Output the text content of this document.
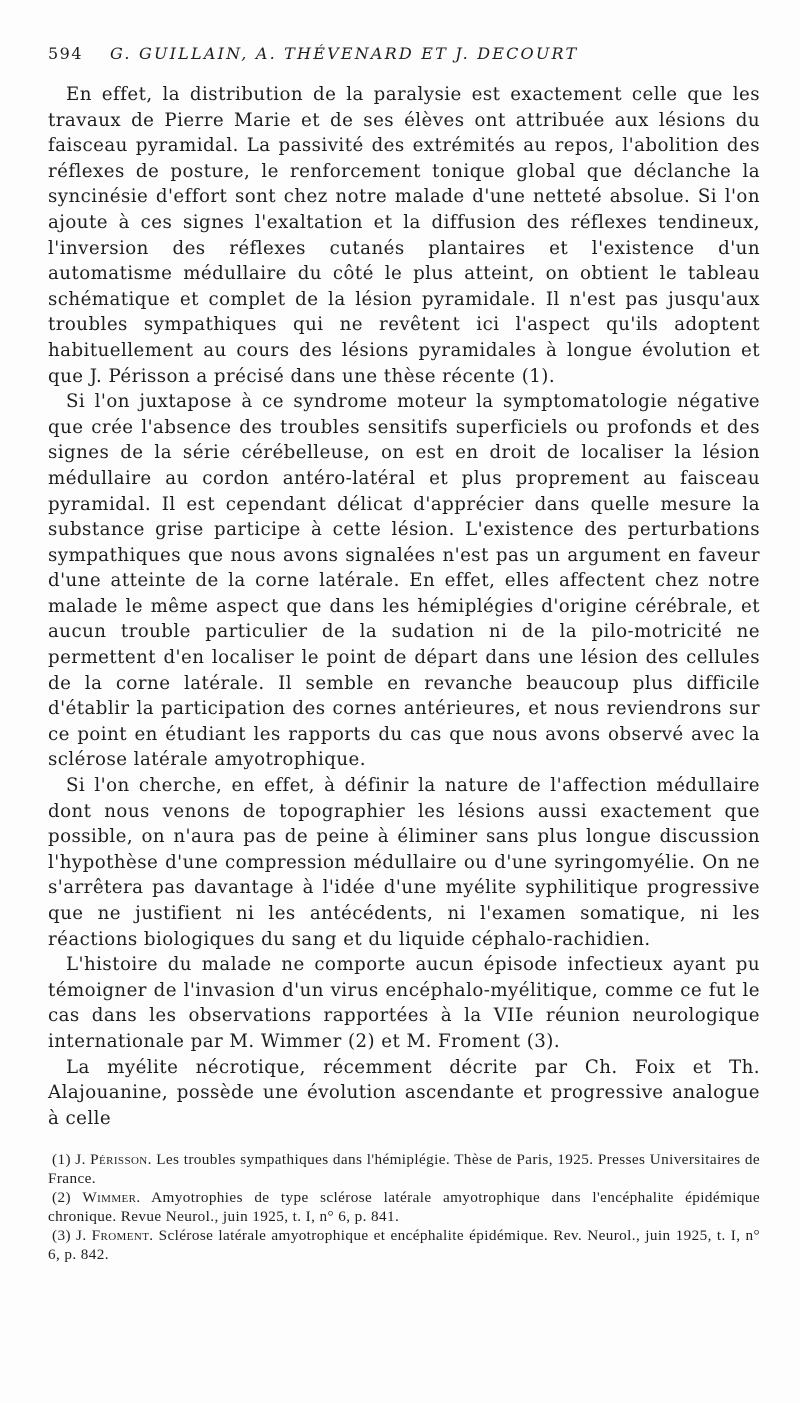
594	G. GUILLAIN, A. THÉVENARD ET J. DECOURT

En effet, la distribution de la paralysie est exactement celle que les travaux de Pierre Marie et de ses élèves ont attribuée aux lésions du faisceau pyramidal. La passivité des extrémités au repos, l'abolition des réflexes de posture, le renforcement tonique global que déclanche la syncinésie d'effort sont chez notre malade d'une netteté absolue. Si l'on ajoute à ces signes l'exaltation et la diffusion des réflexes tendineux, l'inversion des réflexes cutanés plantaires et l'existence d'un automatisme médullaire du côté le plus atteint, on obtient le tableau schématique et complet de la lésion pyramidale. Il n'est pas jusqu'aux troubles sympathiques qui ne revêtent ici l'aspect qu'ils adoptent habituellement au cours des lésions pyramidales à longue évolution et que J. Périsson a précisé dans une thèse récente (1).

Si l'on juxtapose à ce syndrome moteur la symptomatologie négative que crée l'absence des troubles sensitifs superficiels ou profonds et des signes de la série cérébelleuse, on est en droit de localiser la lésion médullaire au cordon antéro-latéral et plus proprement au faisceau pyramidal. Il est cependant délicat d'apprécier dans quelle mesure la substance grise participe à cette lésion. L'existence des perturbations sympathiques que nous avons signalées n'est pas un argument en faveur d'une atteinte de la corne latérale. En effet, elles affectent chez notre malade le même aspect que dans les hémiplégies d'origine cérébrale, et aucun trouble particulier de la sudation ni de la pilo-motricité ne permettent d'en localiser le point de départ dans une lésion des cellules de la corne latérale. Il semble en revanche beaucoup plus difficile d'établir la participation des cornes antérieures, et nous reviendrons sur ce point en étudiant les rapports du cas que nous avons observé avec la sclérose latérale amyotrophique.

Si l'on cherche, en effet, à définir la nature de l'affection médullaire dont nous venons de topographier les lésions aussi exactement que possible, on n'aura pas de peine à éliminer sans plus longue discussion l'hypothèse d'une compression médullaire ou d'une syringomyélie. On ne s'arrêtera pas davantage à l'idée d'une myélite syphilitique progressive que ne justifient ni les antécédents, ni l'examen somatique, ni les réactions biologiques du sang et du liquide céphalo-rachidien.

L'histoire du malade ne comporte aucun épisode infectieux ayant pu témoigner de l'invasion d'un virus encéphalo-myélitique, comme ce fut le cas dans les observations rapportées à la VIIe réunion neurologique internationale par M. Wimmer (2) et M. Froment (3).

La myélite nécrotique, récemment décrite par Ch. Foix et Th. Alajouanine, possède une évolution ascendante et progressive analogue à celle

(1) J. Périsson. Les troubles sympathiques dans l'hémiplégie. Thèse de Paris, 1925. Presses Universitaires de France.

(2) Wimmer. Amyotrophies de type sclérose latérale amyotrophique dans l'encéphalite épidémique chronique. Revue Neurol., juin 1925, t. I, n° 6, p. 841.

(3) J. Froment. Sclérose latérale amyotrophique et encéphalite épidémique. Rev. Neurol., juin 1925, t. I, n° 6, p. 842.
